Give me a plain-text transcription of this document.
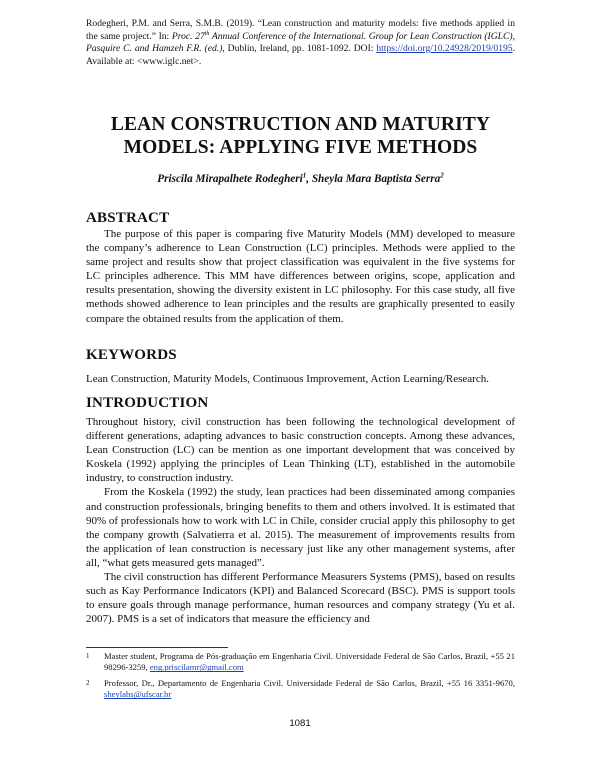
Rodegheri, P.M. and Serra, S.M.B. (2019). “Lean construction and maturity models: five methods applied in the same project.” In: Proc. 27th Annual Conference of the International. Group for Lean Construction (IGLC), Pasquire C. and Hamzeh F.R. (ed.), Dublin, Ireland, pp. 1081-1092. DOI: https://doi.org/10.24928/2019/0195. Available at: <www.iglc.net>.
LEAN CONSTRUCTION AND MATURITY
MODELS: APPLYING FIVE METHODS
Priscila Mirapalhete Rodegheri$^1$, Sheyla Mara Baptista Serra$^2$
ABSTRACT

The purpose of this paper is comparing five Maturity Models (MM) developed to measure the company’s adherence to Lean Construction (LC) principles. Methods were applied to the same project and results show that project classification was equivalent in the five systems for LC principles adherence. This MM have differences between origins, scope, application and results presentation, showing the diversity existent in LC philosophy. For this case study, all five methods showed adherence to lean principles and the results are graphically presented to easily compare the obtained results from the application of them.

KEYWORDS

Lean Construction, Maturity Models, Continuous Improvement, Action Learning/Research.

INTRODUCTION

Throughout history, civil construction has been following the technological development of different generations, adapting advances to basic construction concepts. Among these advances, Lean Construction (LC) can be mention as one important development that was conceived by Koskela (1992) applying the principles of Lean Thinking (LT), established in the automobile industry, to construction industry.

From the Koskela (1992) the study, lean practices had been disseminated among companies and construction professionals, bringing benefits to them and others involved. It is estimated that 90% of professionals how to work with LC in Chile, consider crucial apply this philosophy to get the company growth (Salvatierra et al. 2015). The measurement of improvements results from the application of lean construction is necessary just like any other management systems, after all, “what gets measured gets managed”.

The civil construction has different Performance Measurers Systems (PMS), based on results such as Kay Performance Indicators (KPI) and Balanced Scorecard (BSC). PMS is support tools to ensure goals through manage performance, human resources and company strategy (Yu et al. 2007). PMS is a set of indicators that measure the efficiency and

1 Master student, Programa de Pós-graduação em Engenharia Civil. Universidade Federal de São Carlos, Brazil, +55 21 98296-3259, eng.priscilamr@gmail.com
2 Professor, Dr., Departamento de Engenharia Civil. Universidade Federal de São Carlos, Brazil, +55 16 3351-9670, sheylabs@ufscar.br
1081
